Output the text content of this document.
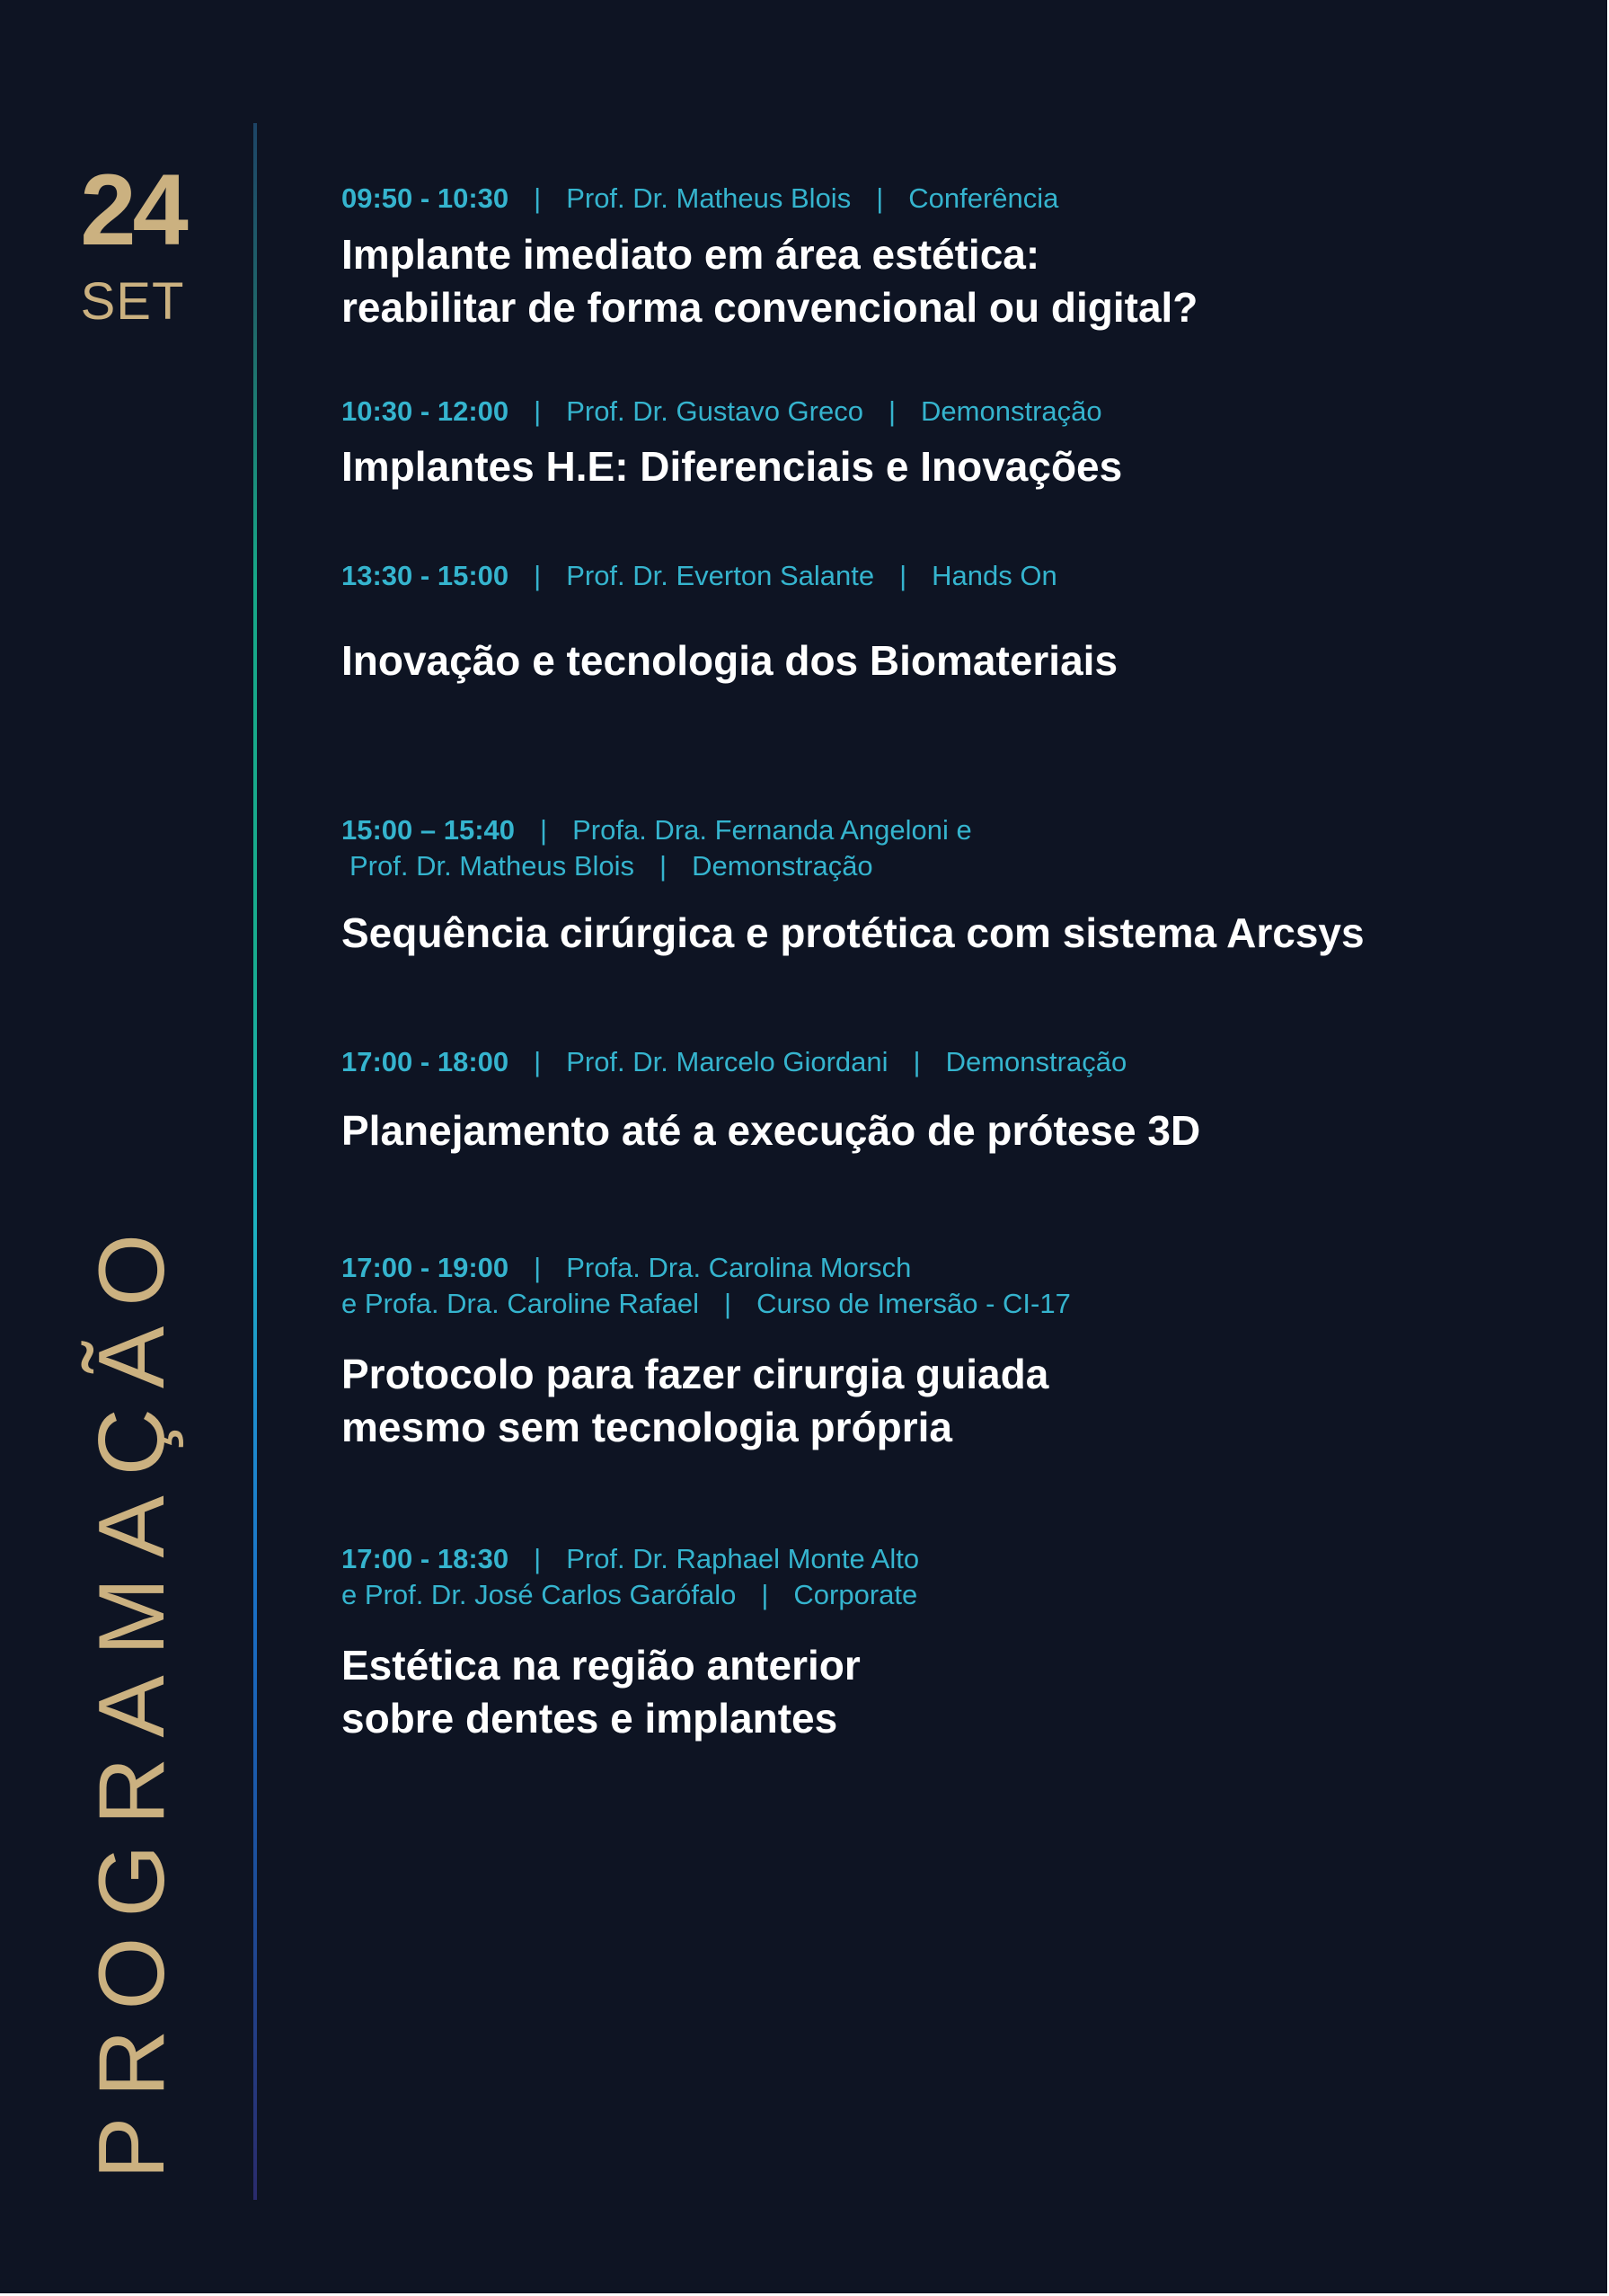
24
SET
PROGRAMAÇÃO
09:50 - 10:30 | Prof. Dr. Matheus Blois | Conferência
Implante imediato em área estética:
reabilitar de forma convencional ou digital?
10:30 - 12:00 | Prof. Dr. Gustavo Greco | Demonstração
Implantes H.E: Diferenciais e Inovações
13:30 - 15:00 | Prof. Dr. Everton Salante | Hands On
Inovação e tecnologia dos Biomateriais
15:00 – 15:40 | Profa. Dra. Fernanda Angeloni e
Prof. Dr. Matheus Blois | Demonstração
Sequência cirúrgica e protética com sistema Arcsys
17:00 - 18:00 | Prof. Dr. Marcelo Giordani | Demonstração
Planejamento até a execução de prótese 3D
17:00 - 19:00 | Profa. Dra. Carolina Morsch
e Profa. Dra. Caroline Rafael | Curso de Imersão - CI-17
Protocolo para fazer cirurgia guiada
mesmo sem tecnologia própria
17:00 - 18:30 | Prof. Dr. Raphael Monte Alto
e Prof. Dr. José Carlos Garófalo | Corporate
Estética na região anterior
sobre dentes e implantes
